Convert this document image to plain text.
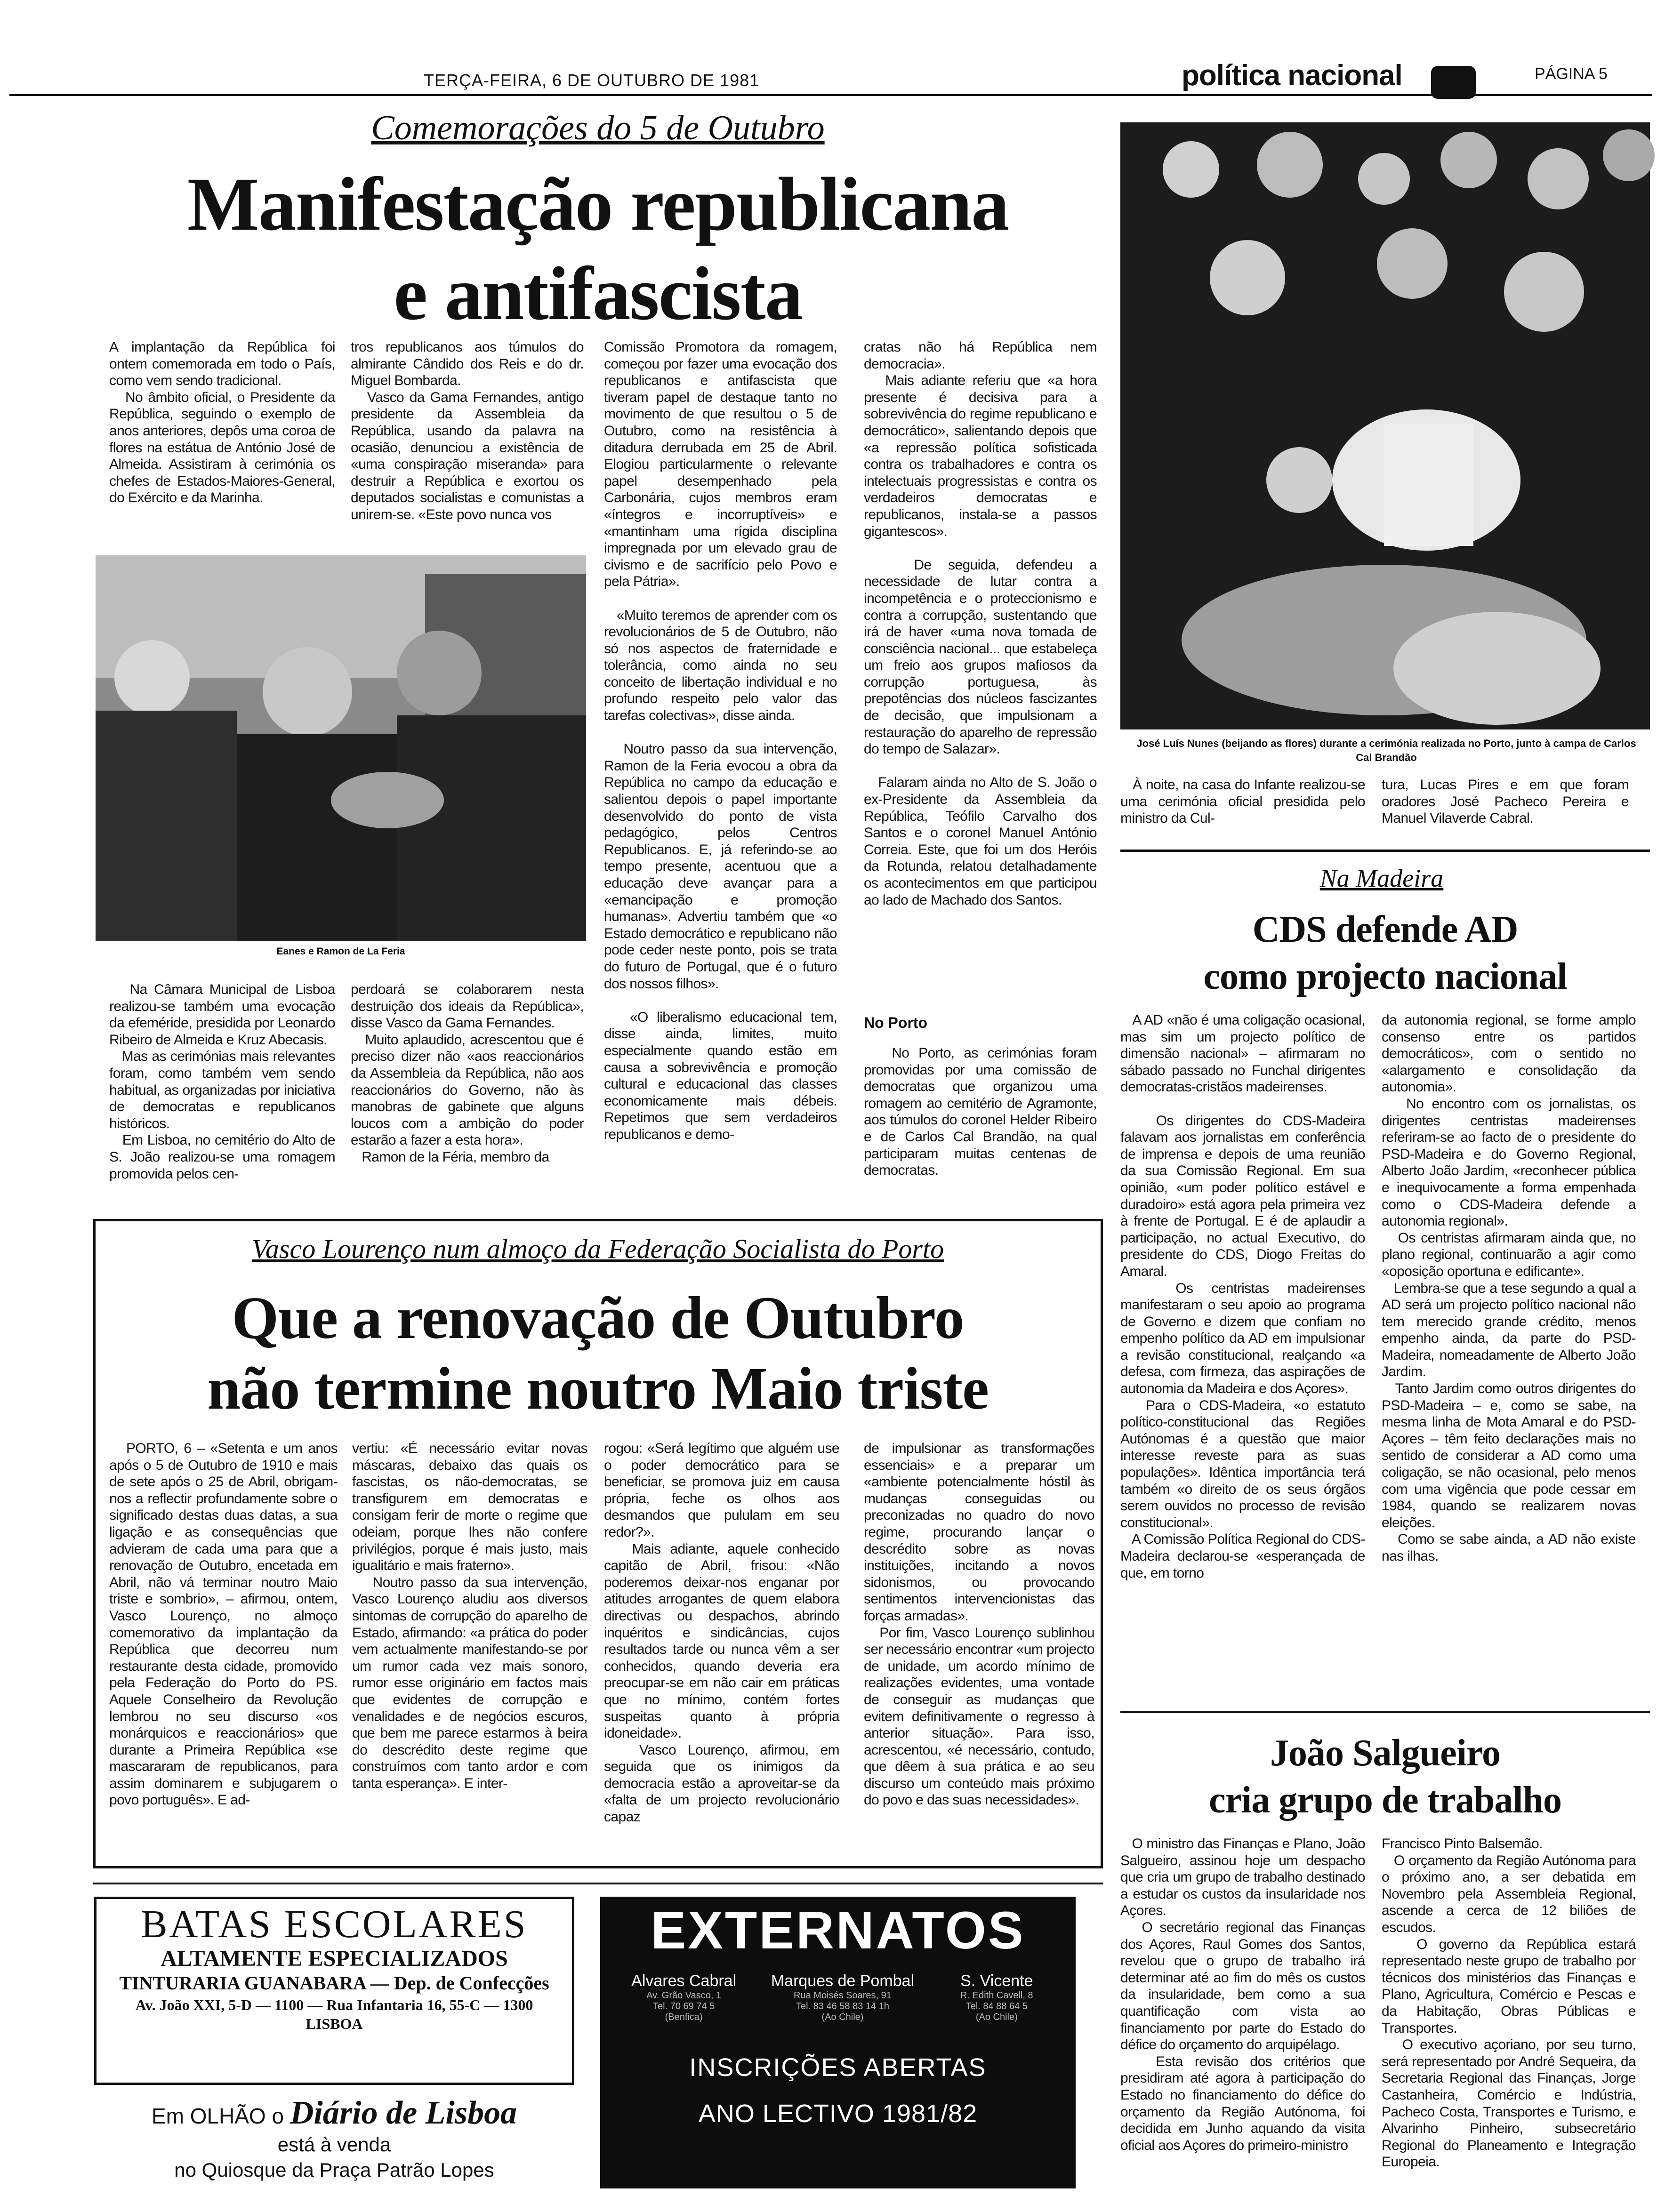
TERÇA-FEIRA, 6 DE OUTUBRO DE 1981	política nacional	PÁGINA 5
Comemorações do 5 de Outubro
Manifestação republicana
e antifascista
A implantação da República foi ontem comemorada em todo o País, como vem sendo tradicional.
No âmbito oficial, o Presidente da República, seguindo o exemplo de anos anteriores, depôs uma coroa de flores na estátua de António José de Almeida. Assistiram à cerimónia os chefes de Estados-Maiores-General, do Exército e da Marinha.
tros republicanos aos túmulos do almirante Cândido dos Reis e do dr. Miguel Bombarda.
Vasco da Gama Fernandes, antigo presidente da Assembleia da República, usando da palavra na ocasião, denunciou a existência de «uma conspiração miseranda» para destruir a República e exortou os deputados socialistas e comunistas a unirem-se. «Este povo nunca vos
Eanes e Ramon de La Feria
Na Câmara Municipal de Lisboa realizou-se também uma evocação da efeméride, presidida por Leonardo Ribeiro de Almeida e Kruz Abecasis.
Mas as cerimónias mais relevantes foram, como também vem sendo habitual, as organizadas por iniciativa de democratas e republicanos históricos.
Em Lisboa, no cemitério do Alto de S. João realizou-se uma romagem promovida pelos cen-
perdoará se colaborarem nesta destruição dos ideais da República», disse Vasco da Gama Fernandes.
Muito aplaudido, acrescentou que é preciso dizer não «aos reaccionários da Assembleia da República, não aos reaccionários do Governo, não às manobras de gabinete que alguns loucos com a ambição do poder estarão a fazer a esta hora».
Ramon de la Féria, membro da
Comissão Promotora da romagem, começou por fazer uma evocação dos republicanos e antifascista que tiveram papel de destaque tanto no movimento de que resultou o 5 de Outubro, como na resistência à ditadura derrubada em 25 de Abril. Elogiou particularmente o relevante papel desempenhado pela Carbonária, cujos membros eram «íntegros e incorruptíveis» e «mantinham uma rígida disciplina impregnada por um elevado grau de civismo e de sacrifício pelo Povo e pela Pátria».

«Muito teremos de aprender com os revolucionários de 5 de Outubro, não só nos aspectos de fraternidade e tolerância, como ainda no seu conceito de libertação individual e no profundo respeito pelo valor das tarefas colectivas», disse ainda.

Noutro passo da sua intervenção, Ramon de la Feria evocou a obra da República no campo da educação e salientou depois o papel importante desenvolvido do ponto de vista pedagógico, pelos Centros Republicanos. E, já referindo-se ao tempo presente, acentuou que a educação deve avançar para a «emancipação e promoção humanas». Advertiu também que «o Estado democrático e republicano não pode ceder neste ponto, pois se trata do futuro de Portugal, que é o futuro dos nossos filhos».

«O liberalismo educacional tem, disse ainda, limites, muito especialmente quando estão em causa a sobrevivência e promoção cultural e educacional das classes economicamente mais débeis. Repetimos que sem verdadeiros republicanos e demo-
cratas não há República nem democracia».
Mais adiante referiu que «a hora presente é decisiva para a sobrevivência do regime republicano e democrático», salientando depois que «a repressão política sofisticada contra os trabalhadores e contra os intelectuais progressistas e contra os verdadeiros democratas e republicanos, instala-se a passos gigantescos».

De seguida, defendeu a necessidade de lutar contra a incompetência e o proteccionismo e contra a corrupção, sustentando que irá de haver «uma nova tomada de consciência nacional... que estabeleça um freio aos grupos mafiosos da corrupção portuguesa, às prepotências dos núcleos fascizantes de decisão, que impulsionam a restauração do aparelho de repressão do tempo de Salazar».

Falaram ainda no Alto de S. João o ex-Presidente da Assembleia da República, Teófilo Carvalho dos Santos e o coronel Manuel António Correia. Este, que foi um dos Heróis da Rotunda, relatou detalhadamente os acontecimentos em que participou ao lado de Machado dos Santos.
No Porto
No Porto, as cerimónias foram promovidas por uma comissão de democratas que organizou uma romagem ao cemitério de Agramonte, aos túmulos do coronel Helder Ribeiro e de Carlos Cal Brandão, na qual participaram muitas centenas de democratas.
José Luís Nunes (beijando as flores) durante a cerimónia realizada no Porto, junto à campa de Carlos Cal Brandão
À noite, na casa do Infante realizou-se uma cerimónia oficial presidida pelo ministro da Cul-
tura, Lucas Pires e em que foram oradores José Pacheco Pereira e Manuel Vilaverde Cabral.
Na Madeira
CDS defende AD
como projecto nacional
A AD «não é uma coligação ocasional, mas sim um projecto político de dimensão nacional» – afirmaram no sábado passado no Funchal dirigentes democratas-cristãos madeirenses.

Os dirigentes do CDS-Madeira falavam aos jornalistas em conferência de imprensa e depois de uma reunião da sua Comissão Regional. Em sua opinião, «um poder político estável e duradoiro» está agora pela primeira vez à frente de Portugal. E é de aplaudir a participação, no actual Executivo, do presidente do CDS, Diogo Freitas do Amaral.
Os centristas madeirenses manifestaram o seu apoio ao programa de Governo e dizem que confiam no empenho político da AD em impulsionar a revisão constitucional, realçando «a defesa, com firmeza, das aspirações de autonomia da Madeira e dos Açores».
Para o CDS-Madeira, «o estatuto político-constitucional das Regiões Autónomas é a questão que maior interesse reveste para as suas populações». Idêntica importância terá também «o direito de os seus órgãos serem ouvidos no processo de revisão constitucional».
A Comissão Política Regional do CDS-Madeira declarou-se «esperançada de que, em torno
da autonomia regional, se forme amplo consenso entre os partidos democráticos», com o sentido no «alargamento e consolidação da autonomia».
No encontro com os jornalistas, os dirigentes centristas madeirenses referiram-se ao facto de o presidente do PSD-Madeira e do Governo Regional, Alberto João Jardim, «reconhecer pública e inequivocamente a forma empenhada como o CDS-Madeira defende a autonomia regional».
Os centristas afirmaram ainda que, no plano regional, continuarão a agir como «oposição oportuna e edificante».
Lembra-se que a tese segundo a qual a AD será um projecto político nacional não tem merecido grande crédito, menos empenho ainda, da parte do PSD-Madeira, nomeadamente de Alberto João Jardim.
Tanto Jardim como outros dirigentes do PSD-Madeira – e, como se sabe, na mesma linha de Mota Amaral e do PSD-Açores – têm feito declarações mais no sentido de considerar a AD como uma coligação, se não ocasional, pelo menos com uma vigência que pode cessar em 1984, quando se realizarem novas eleições.
Como se sabe ainda, a AD não existe nas ilhas.
João Salgueiro
cria grupo de trabalho
O ministro das Finanças e Plano, João Salgueiro, assinou hoje um despacho que cria um grupo de trabalho destinado a estudar os custos da insularidade nos Açores.
O secretário regional das Finanças dos Açores, Raul Gomes dos Santos, revelou que o grupo de trabalho irá determinar até ao fim do mês os custos da insularidade, bem como a sua quantificação com vista ao financiamento por parte do Estado do défice do orçamento do arquipélago.
Esta revisão dos critérios que presidiram até agora à participação do Estado no financiamento do défice do orçamento da Região Autónoma, foi decidida em Junho aquando da visita oficial aos Açores do primeiro-ministro
Francisco Pinto Balsemão.
O orçamento da Região Autónoma para o próximo ano, a ser debatida em Novembro pela Assembleia Regional, ascende a cerca de 12 biliões de escudos.
O governo da República estará representado neste grupo de trabalho por técnicos dos ministérios das Finanças e Plano, Agricultura, Comércio e Pescas e da Habitação, Obras Públicas e Transportes.
O executivo açoriano, por seu turno, será representado por André Sequeira, da Secretaria Regional das Finanças, Jorge Castanheira, Comércio e Indústria, Pacheco Costa, Transportes e Turismo, e Alvarinho Pinheiro, subsecretário Regional do Planeamento e Integração Europeia.
Vasco Lourenço num almoço da Federação Socialista do Porto
Que a renovação de Outubro
não termine noutro Maio triste
PORTO, 6 – «Setenta e um anos após o 5 de Outubro de 1910 e mais de sete após o 25 de Abril, obrigam-nos a reflectir profundamente sobre o significado destas duas datas, a sua ligação e as consequências que advieram de cada uma para que a renovação de Outubro, encetada em Abril, não vá terminar noutro Maio triste e sombrio», – afirmou, ontem, Vasco Lourenço, no almoço comemorativo da implantação da República que decorreu num restaurante desta cidade, promovido pela Federação do Porto do PS. Aquele Conselheiro da Revolução lembrou no seu discurso «os monárquicos e reaccionários» que durante a Primeira República «se mascararam de republicanos, para assim dominarem e subjugarem o povo português». E ad-
vertiu: «É necessário evitar novas máscaras, debaixo das quais os fascistas, os não-democratas, se transfigurem em democratas e consigam ferir de morte o regime que odeiam, porque lhes não confere privilégios, porque é mais justo, mais igualitário e mais fraterno».
Noutro passo da sua intervenção, Vasco Lourenço aludiu aos diversos sintomas de corrupção do aparelho de Estado, afirmando: «a prática do poder vem actualmente manifestando-se por um rumor cada vez mais sonoro, rumor esse originário em factos mais que evidentes de corrupção e venalidades e de negócios escuros, que bem me parece estarmos à beira do descrédito deste regime que construímos com tanto ardor e com tanta esperança». E inter-
rogou: «Será legítimo que alguém use o poder democrático para se beneficiar, se promova juiz em causa própria, feche os olhos aos desmandos que pululam em seu redor?».
Mais adiante, aquele conhecido capitão de Abril, frisou: «Não poderemos deixar-nos enganar por atitudes arrogantes de quem elabora directivas ou despachos, abrindo inquéritos e sindicâncias, cujos resultados tarde ou nunca vêm a ser conhecidos, quando deveria era preocupar-se em não cair em práticas que no mínimo, contém fortes suspeitas quanto à própria idoneidade».
Vasco Lourenço, afirmou, em seguida que os inimigos da democracia estão a aproveitar-se da «falta de um projecto revolucionário capaz
de impulsionar as transformações essenciais» e a preparar um «ambiente potencialmente hóstil às mudanças conseguidas ou preconizadas no quadro do novo regime, procurando lançar o descrédito sobre as novas instituições, incitando a novos sidonismos, ou provocando sentimentos intervencionistas das forças armadas».
Por fim, Vasco Lourenço sublinhou ser necessário encontrar «um projecto de unidade, um acordo mínimo de realizações evidentes, uma vontade de conseguir as mudanças que evitem definitivamente o regresso à anterior situação». Para isso, acrescentou, «é necessário, contudo, que dêem à sua prática e ao seu discurso um conteúdo mais próximo do povo e das suas necessidades».
BATAS ESCOLARES
ALTAMENTE ESPECIALIZADOS
TINTURARIA GUANABARA — Dep. de Confecções
Av. João XXI, 5-D — 1100 — Rua Infantaria 16, 55-C — 1300
LISBOA
Em OLHÃO o Diário de Lisboa
está à venda
no Quiosque da Praça Patrão Lopes
EXTERNATOS
Alvares Cabral
Av. Grão Vasco, 1
Tel. 70 69 74 5
(Benfica)
Marques de Pombal
Rua Moisés Soares, 91
Tel. 83 46 58 83 14 1h
(Ao Chile)
S. Vicente
R. Edith Cavell, 8
Tel. 84 88 64 5
(Ao Chile)
INSCRIÇÕES ABERTAS
ANO LECTIVO 1981/82
